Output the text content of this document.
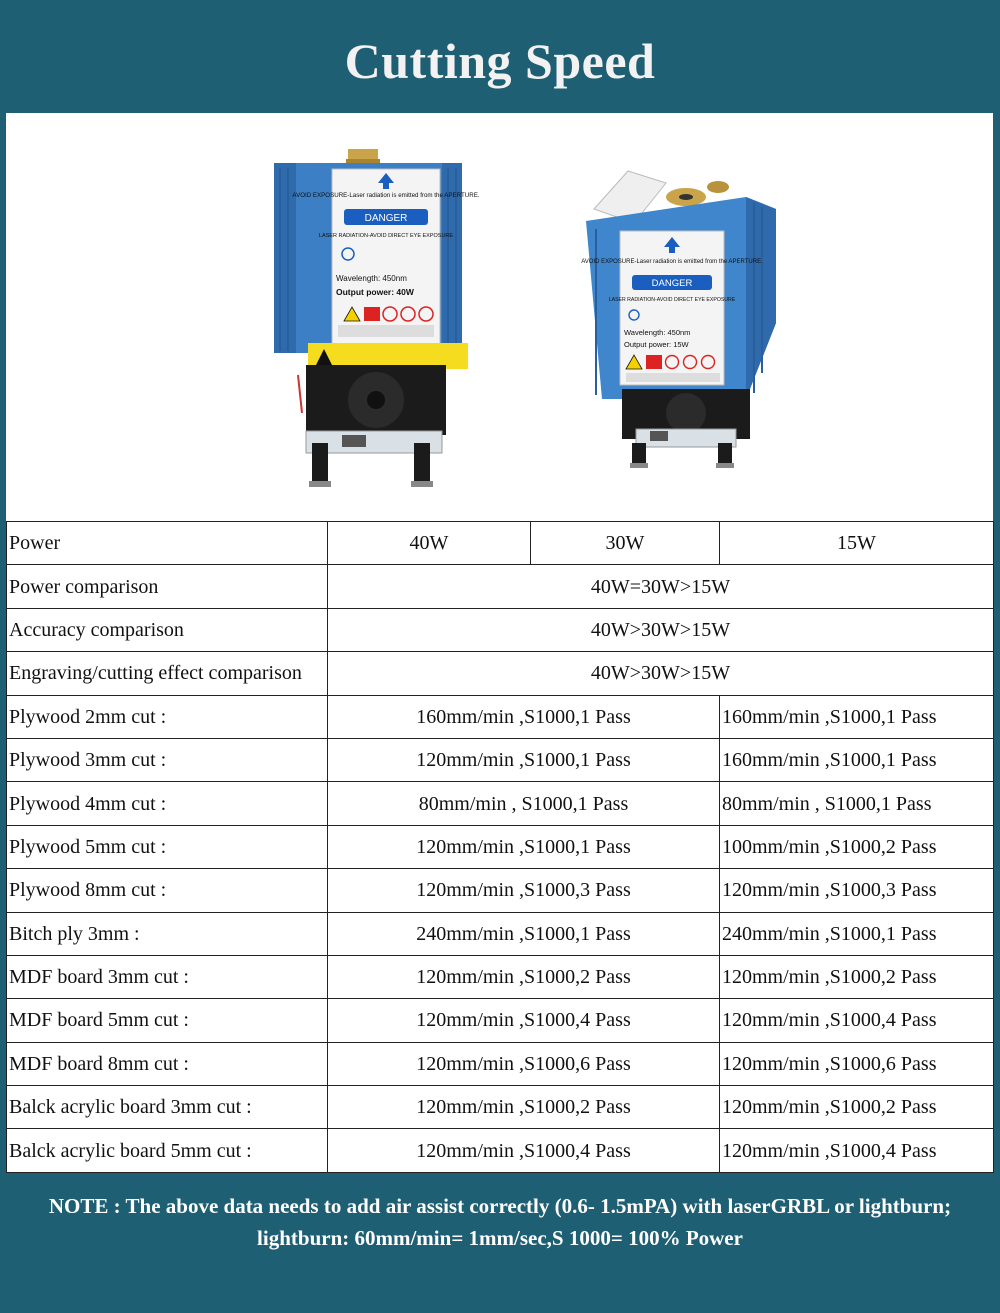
Cutting Speed
AVOID EXPOSURE-Laser radiation is emitted from the APERTURE.
DANGER
LASER RADIATION-AVOID DIRECT EYE EXPOSURE
Wavelength: 450nm
Output power: 40W
AVOID EXPOSURE-Laser radiation is emitted from the APERTURE.
DANGER
LASER RADIATION-AVOID DIRECT EYE EXPOSURE
Wavelength: 450nm
Output power: 15W
Power	40W	30W	15W
Power comparison	40W=30W>15W		
Accuracy comparison	40W>30W>15W		
Engraving/cutting effect comparison	40W>30W>15W		
Plywood 2mm cut :	160mm/min ,S1000,1 Pass		160mm/min ,S1000,1 Pass
Plywood 3mm cut :	120mm/min ,S1000,1 Pass		160mm/min ,S1000,1 Pass
Plywood 4mm cut :	80mm/min , S1000,1 Pass		80mm/min , S1000,1 Pass
Plywood 5mm cut :	120mm/min ,S1000,1 Pass		100mm/min ,S1000,2 Pass
Plywood 8mm cut :	120mm/min ,S1000,3 Pass		120mm/min ,S1000,3 Pass
Bitch ply 3mm :	240mm/min ,S1000,1 Pass		240mm/min ,S1000,1 Pass
MDF board 3mm cut :	120mm/min ,S1000,2 Pass		120mm/min ,S1000,2 Pass
MDF board 5mm cut :	120mm/min ,S1000,4 Pass		120mm/min ,S1000,4 Pass
MDF board 8mm cut :	120mm/min ,S1000,6 Pass		120mm/min ,S1000,6 Pass
Balck acrylic board 3mm cut :	120mm/min ,S1000,2 Pass		120mm/min ,S1000,2 Pass
Balck acrylic board 5mm cut :	120mm/min ,S1000,4 Pass		120mm/min ,S1000,4 Pass
NOTE : The above data needs to add air assist correctly (0.6- 1.5mPA) with laserGRBL or lightburn;
lightburn: 60mm/min= 1mm/sec,S 1000= 100% Power
